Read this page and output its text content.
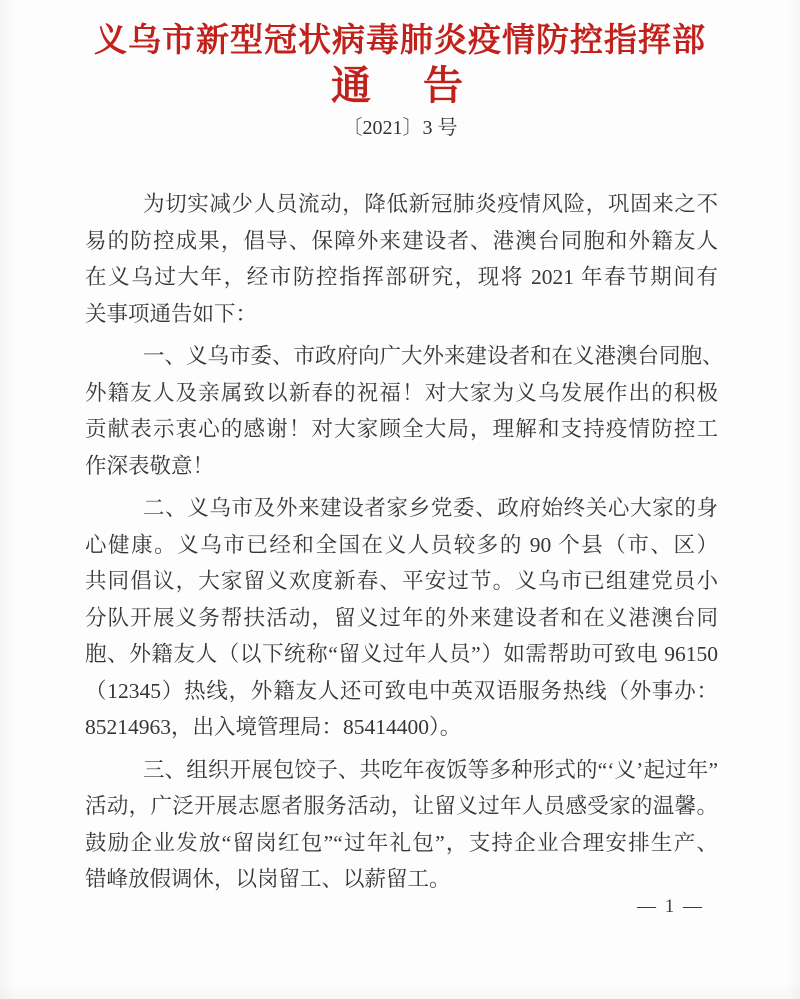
义乌市新型冠状病毒肺炎疫情防控指挥部
通　告
〔2021〕3 号
为切实减少人员流动，降低新冠肺炎疫情风险，巩固来之不
易的防控成果，倡导、保障外来建设者、港澳台同胞和外籍友人
在义乌过大年，经市防控指挥部研究，现将 2021 年春节期间有
关事项通告如下：
一、义乌市委、市政府向广大外来建设者和在义港澳台同胞、
外籍友人及亲属致以新春的祝福！对大家为义乌发展作出的积极
贡献表示衷心的感谢！对大家顾全大局，理解和支持疫情防控工
作深表敬意！
二、义乌市及外来建设者家乡党委、政府始终关心大家的身
心健康。义乌市已经和全国在义人员较多的 90 个县（市、区）
共同倡议，大家留义欢度新春、平安过节。义乌市已组建党员小
分队开展义务帮扶活动，留义过年的外来建设者和在义港澳台同
胞、外籍友人（以下统称“留义过年人员”）如需帮助可致电 96150
（12345）热线，外籍友人还可致电中英双语服务热线（外事办：
85214963，出入境管理局：85414400）。
三、组织开展包饺子、共吃年夜饭等多种形式的“‘义’起过年”
活动，广泛开展志愿者服务活动，让留义过年人员感受家的温馨。
鼓励企业发放“留岗红包”“过年礼包”，支持企业合理安排生产、
错峰放假调休，以岗留工、以薪留工。
— 1 —
